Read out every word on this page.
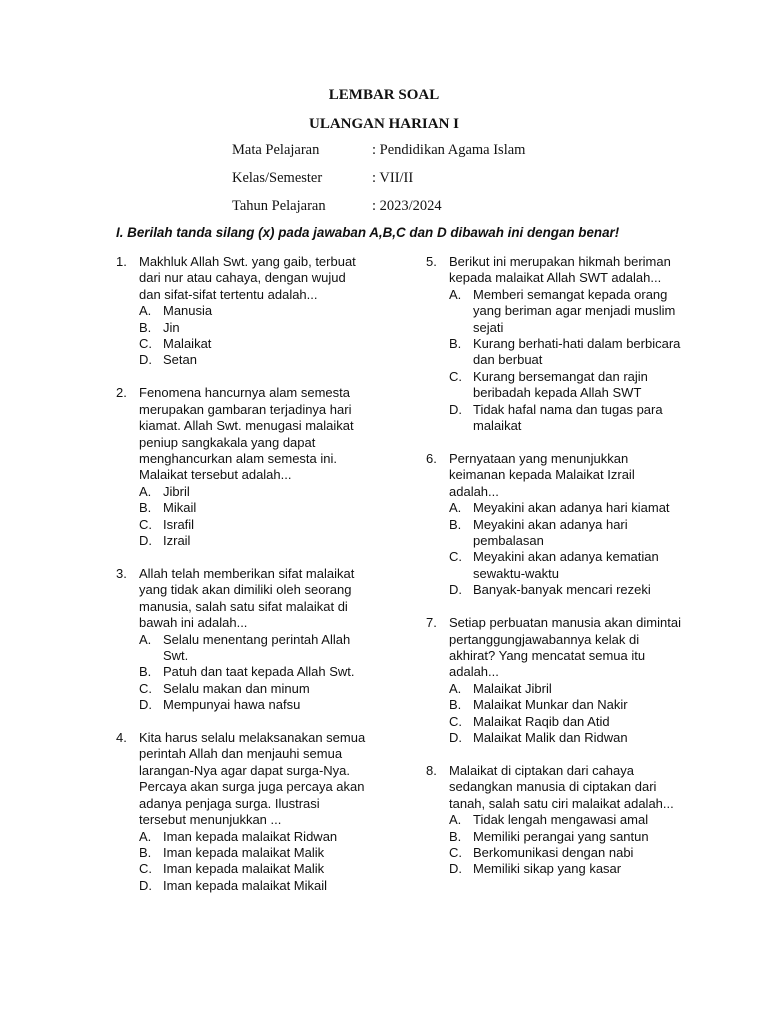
LEMBAR SOAL
ULANGAN HARIAN I
Mata Pelajaran	: Pendidikan Agama Islam
Kelas/Semester	: VII/II
Tahun Pelajaran	: 2023/2024
I. Berilah tanda silang (x) pada jawaban A,B,C dan D dibawah ini dengan benar!
1. Makhluk Allah Swt. yang gaib, terbuat dari nur atau cahaya, dengan wujud dan sifat-sifat tertentu adalah...
A. Manusia
B. Jin
C. Malaikat
D. Setan
2. Fenomena hancurnya alam semesta merupakan gambaran terjadinya hari kiamat. Allah Swt. menugasi malaikat peniup sangkakala yang dapat menghancurkan alam semesta ini. Malaikat tersebut adalah...
A. Jibril
B. Mikail
C. Israfil
D. Izrail
3. Allah telah memberikan sifat malaikat yang tidak akan dimiliki oleh seorang manusia, salah satu sifat malaikat di bawah ini adalah...
A. Selalu menentang perintah Allah Swt.
B. Patuh dan taat kepada Allah Swt.
C. Selalu makan dan minum
D. Mempunyai hawa nafsu
4. Kita harus selalu melaksanakan semua perintah Allah dan menjauhi semua larangan-Nya agar dapat surga-Nya. Percaya akan surga juga percaya akan adanya penjaga surga. Ilustrasi tersebut menunjukkan ...
A. Iman kepada malaikat Ridwan
B. Iman kepada malaikat Malik
C. Iman kepada malaikat Malik
D. Iman kepada malaikat Mikail
5. Berikut ini merupakan hikmah beriman kepada malaikat Allah SWT adalah...
A. Memberi semangat kepada orang yang beriman agar menjadi muslim sejati
B. Kurang berhati-hati dalam berbicara dan berbuat
C. Kurang bersemangat dan rajin beribadah kepada Allah SWT
D. Tidak hafal nama dan tugas para malaikat
6. Pernyataan yang menunjukkan keimanan kepada Malaikat Izrail adalah...
A. Meyakini akan adanya hari kiamat
B. Meyakini akan adanya hari pembalasan
C. Meyakini akan adanya kematian sewaktu-waktu
D. Banyak-banyak mencari rezeki
7. Setiap perbuatan manusia akan dimintai pertanggungjawabannya kelak di akhirat? Yang mencatat semua itu adalah...
A. Malaikat Jibril
B. Malaikat Munkar dan Nakir
C. Malaikat Raqib dan Atid
D. Malaikat Malik dan Ridwan
8. Malaikat di ciptakan dari cahaya sedangkan manusia di ciptakan dari tanah, salah satu ciri malaikat adalah...
A. Tidak lengah mengawasi amal
B. Memiliki perangai yang santun
C. Berkomunikasi dengan nabi
D. Memiliki sikap yang kasar
